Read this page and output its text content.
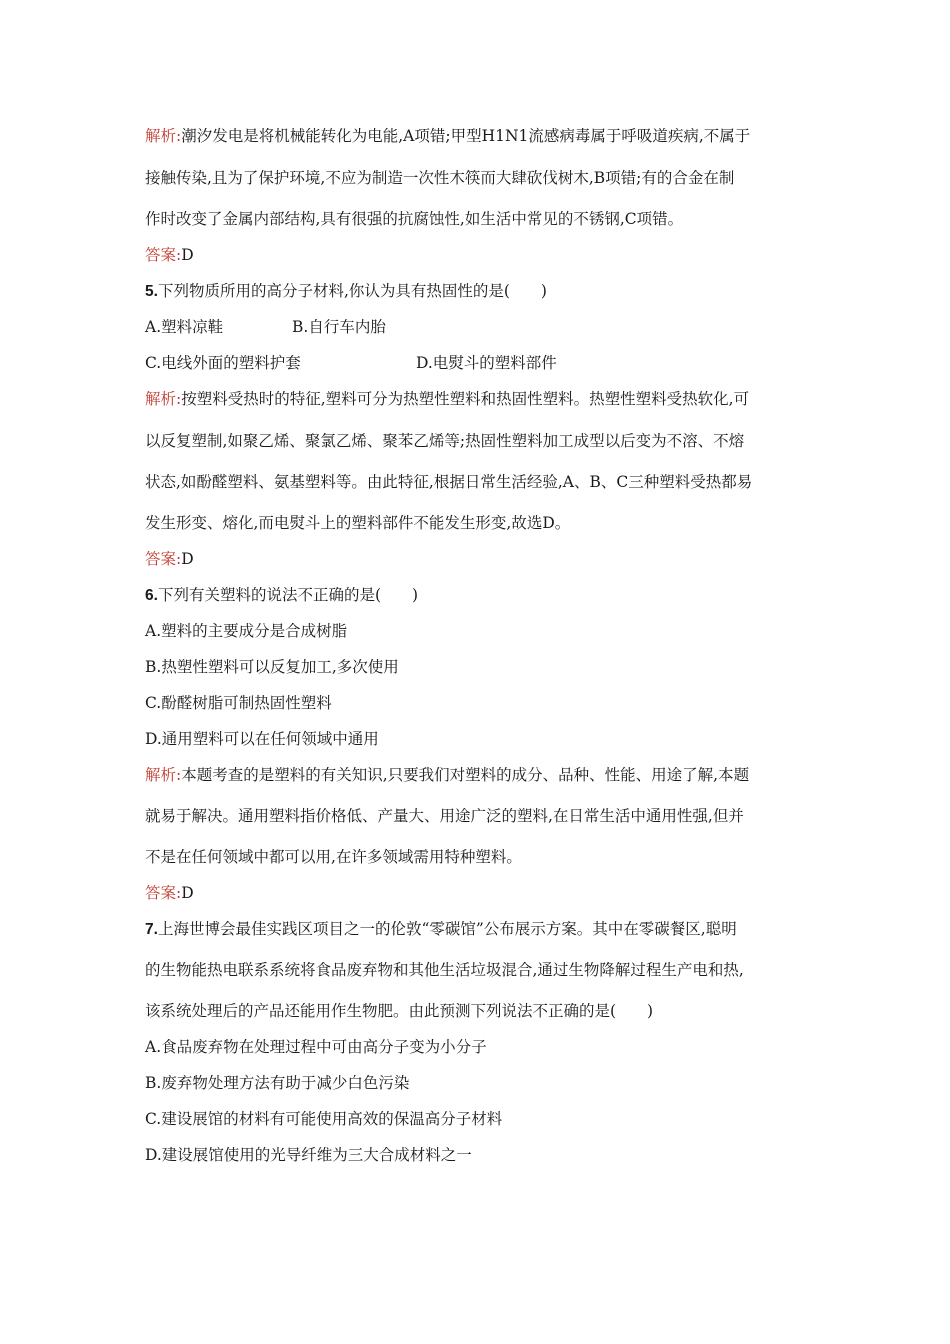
解析:潮汐发电是将机械能转化为电能,A项错;甲型H1N1流感病毒属于呼吸道疾病,不属于
接触传染,且为了保护环境,不应为制造一次性木筷而大肆砍伐树木,B项错;有的合金在制
作时改变了金属内部结构,具有很强的抗腐蚀性,如生活中常见的不锈钢,C项错。
答案:D
5.下列物质所用的高分子材料,你认为具有热固性的是(　　)
A.塑料凉鞋	B.自行车内胎
C.电线外面的塑料护套	D.电熨斗的塑料部件
解析:按塑料受热时的特征,塑料可分为热塑性塑料和热固性塑料。热塑性塑料受热软化,可
以反复塑制,如聚乙烯、聚氯乙烯、聚苯乙烯等;热固性塑料加工成型以后变为不溶、不熔
状态,如酚醛塑料、氨基塑料等。由此特征,根据日常生活经验,A、B、C三种塑料受热都易
发生形变、熔化,而电熨斗上的塑料部件不能发生形变,故选D。
答案:D
6.下列有关塑料的说法不正确的是(　　)
A.塑料的主要成分是合成树脂
B.热塑性塑料可以反复加工,多次使用
C.酚醛树脂可制热固性塑料
D.通用塑料可以在任何领域中通用
解析:本题考查的是塑料的有关知识,只要我们对塑料的成分、品种、性能、用途了解,本题
就易于解决。通用塑料指价格低、产量大、用途广泛的塑料,在日常生活中通用性强,但并
不是在任何领域中都可以用,在许多领域需用特种塑料。
答案:D
7.上海世博会最佳实践区项目之一的伦敦“零碳馆”公布展示方案。其中在零碳餐区,聪明
的生物能热电联系系统将食品废弃物和其他生活垃圾混合,通过生物降解过程生产电和热,
该系统处理后的产品还能用作生物肥。由此预测下列说法不正确的是(　　)
A.食品废弃物在处理过程中可由高分子变为小分子
B.废弃物处理方法有助于减少白色污染
C.建设展馆的材料有可能使用高效的保温高分子材料
D.建设展馆使用的光导纤维为三大合成材料之一
